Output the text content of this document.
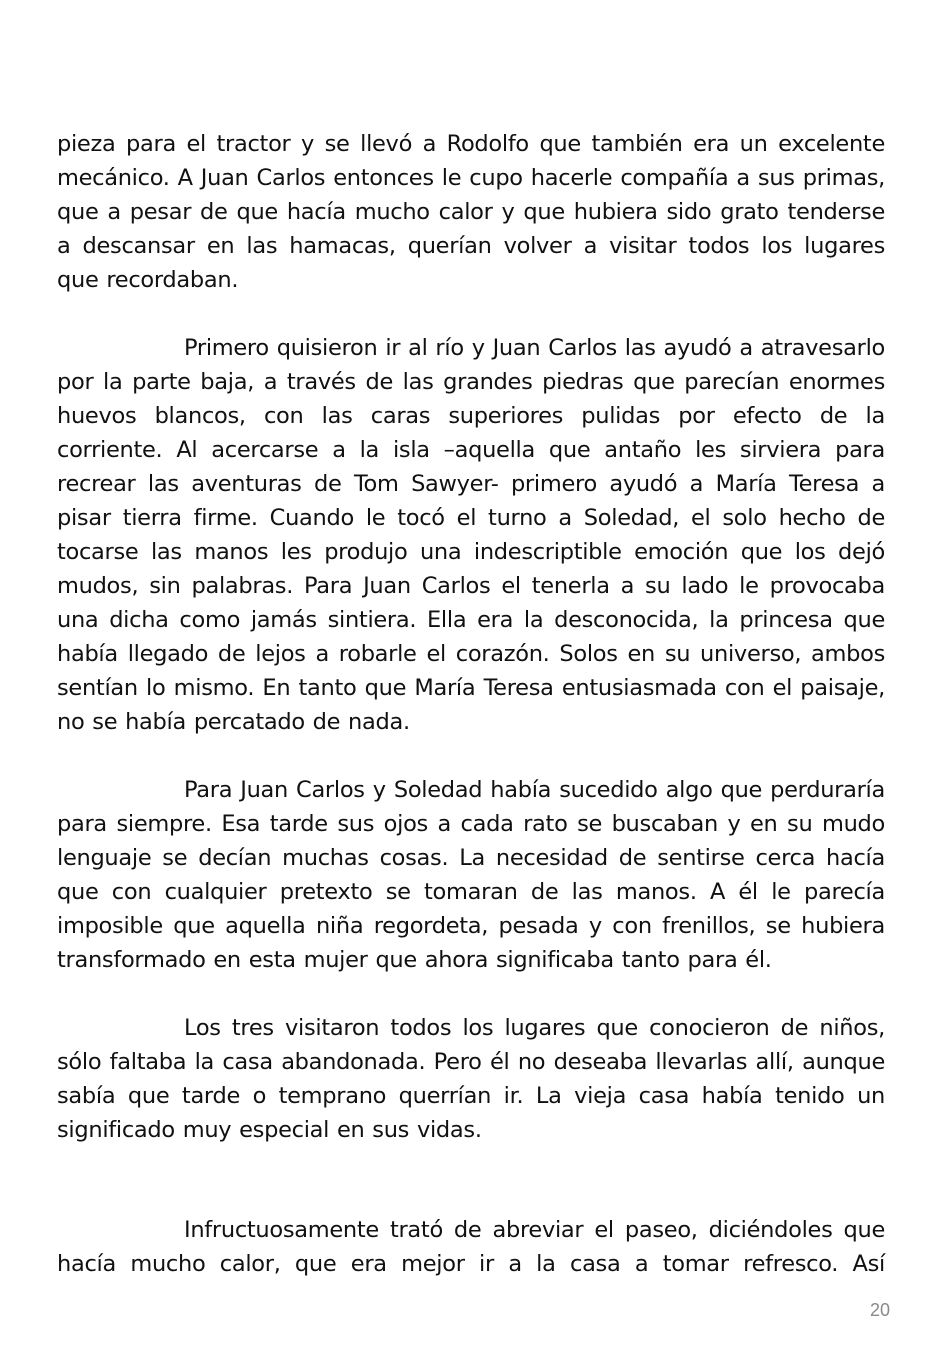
pieza para el tractor y se llevó a Rodolfo que también era un excelente mecánico. A Juan Carlos entonces le cupo hacerle compañía a sus primas, que a pesar de que hacía mucho calor y que hubiera sido grato tenderse a descansar en las hamacas, querían volver a visitar todos los lugares que recordaban.

Primero quisieron ir al río y Juan Carlos las ayudó a atravesarlo por la parte baja, a través de las grandes piedras que parecían enormes huevos blancos, con las caras superiores pulidas por efecto de la corriente. Al acercarse a la isla –aquella que antaño les sirviera para recrear las aventuras de Tom Sawyer- primero ayudó a María Teresa a pisar tierra firme. Cuando le tocó el turno a Soledad, el solo hecho de tocarse las manos les produjo una indescriptible emoción que los dejó mudos, sin palabras. Para Juan Carlos el tenerla a su lado le provocaba una dicha como jamás sintiera. Ella era la desconocida, la princesa que había llegado de lejos a robarle el corazón. Solos en su universo, ambos sentían lo mismo. En tanto que María Teresa entusiasmada con el paisaje, no se había percatado de nada.

Para Juan Carlos y Soledad había sucedido algo que perduraría para siempre. Esa tarde sus ojos a cada rato se buscaban y en su mudo lenguaje se decían muchas cosas. La necesidad de sentirse cerca hacía que con cualquier pretexto se tomaran de las manos. A él le parecía imposible que aquella niña regordeta, pesada y con frenillos, se hubiera transformado en esta mujer que ahora significaba tanto para él.

Los tres visitaron todos los lugares que conocieron de niños, sólo faltaba la casa abandonada. Pero él no deseaba llevarlas allí, aunque sabía que tarde o temprano querrían ir. La vieja casa había tenido un significado muy especial en sus vidas.

Infructuosamente trató de abreviar el paseo, diciéndoles que hacía mucho calor, que era mejor ir a la casa a tomar refresco. Así

20
